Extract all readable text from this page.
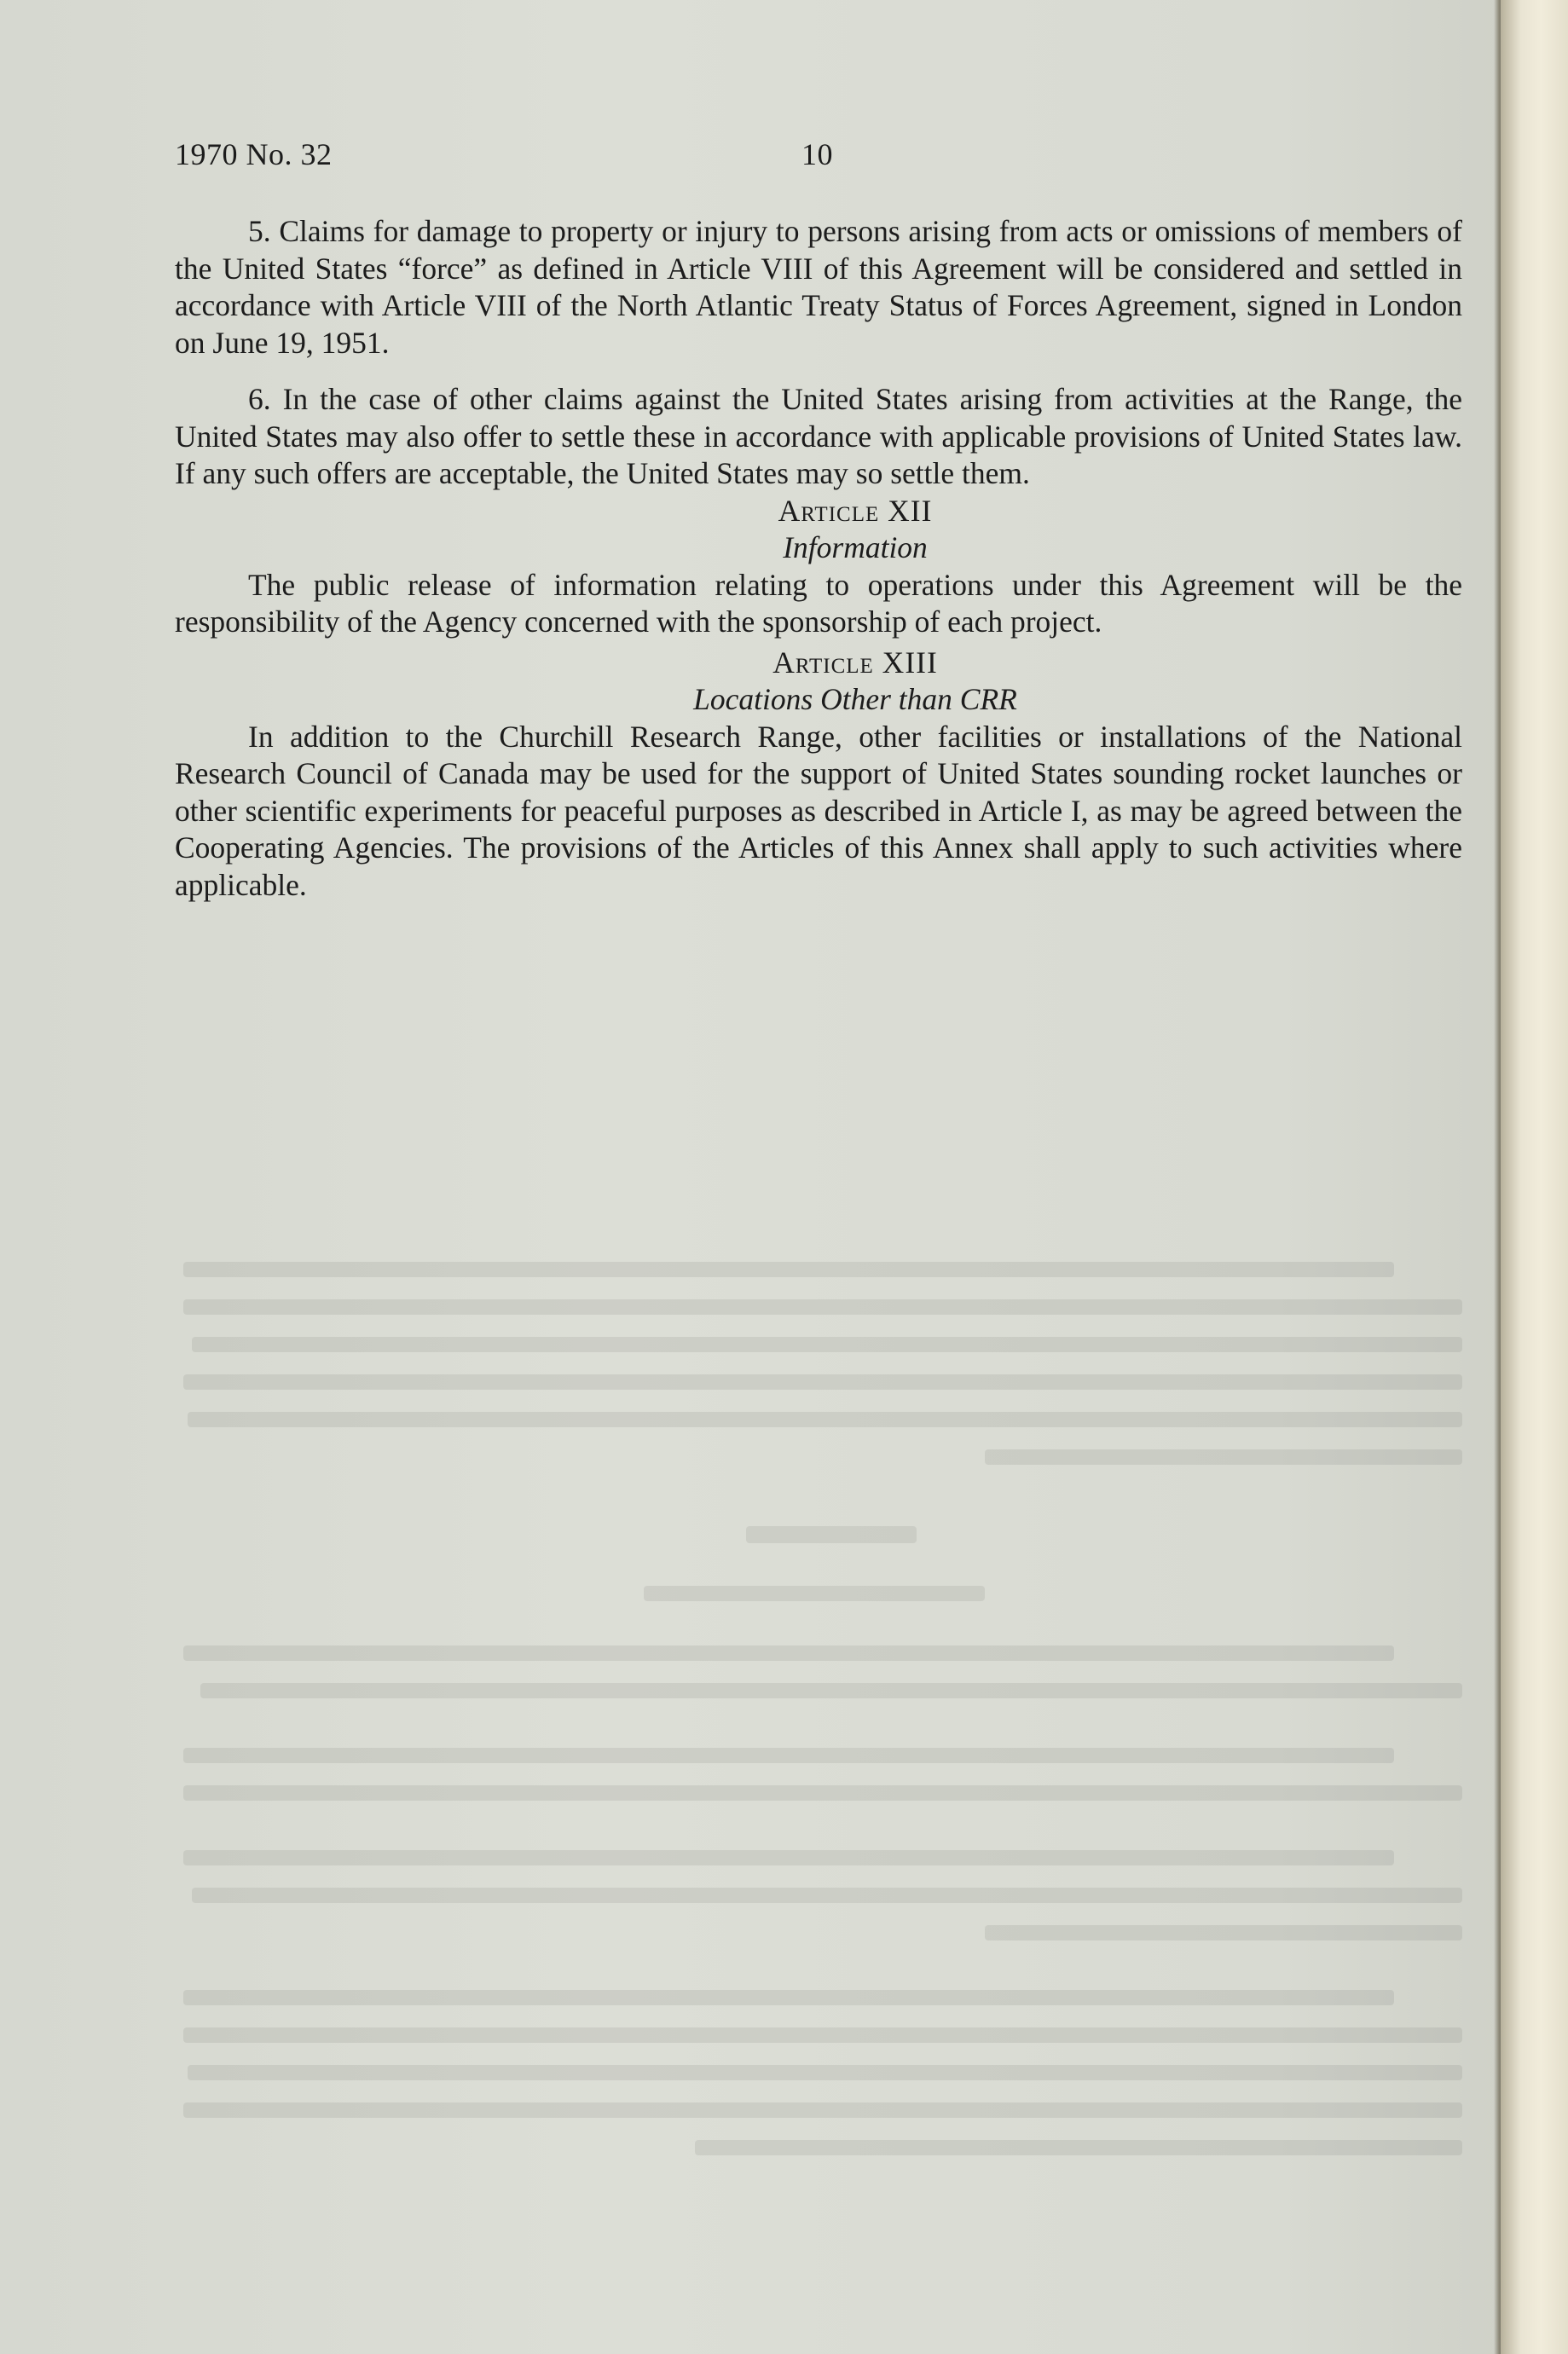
1970 No. 32	10

5. Claims for damage to property or injury to persons arising from acts or omissions of members of the United States “force” as defined in Article VIII of this Agreement will be considered and settled in accordance with Article VIII of the North Atlantic Treaty Status of Forces Agreement, signed in London on June 19, 1951.

6. In the case of other claims against the United States arising from activities at the Range, the United States may also offer to settle these in accordance with applicable provisions of United States law. If any such offers are acceptable, the United States may so settle them.

Article XII

Information

The public release of information relating to operations under this Agreement will be the responsibility of the Agency concerned with the sponsorship of each project.

Article XIII

Locations Other than CRR

In addition to the Churchill Research Range, other facilities or installations of the National Research Council of Canada may be used for the support of United States sounding rocket launches or other scientific experiments for peaceful purposes as described in Article I, as may be agreed between the Cooperating Agencies. The provisions of the Articles of this Annex shall apply to such activities where applicable.
